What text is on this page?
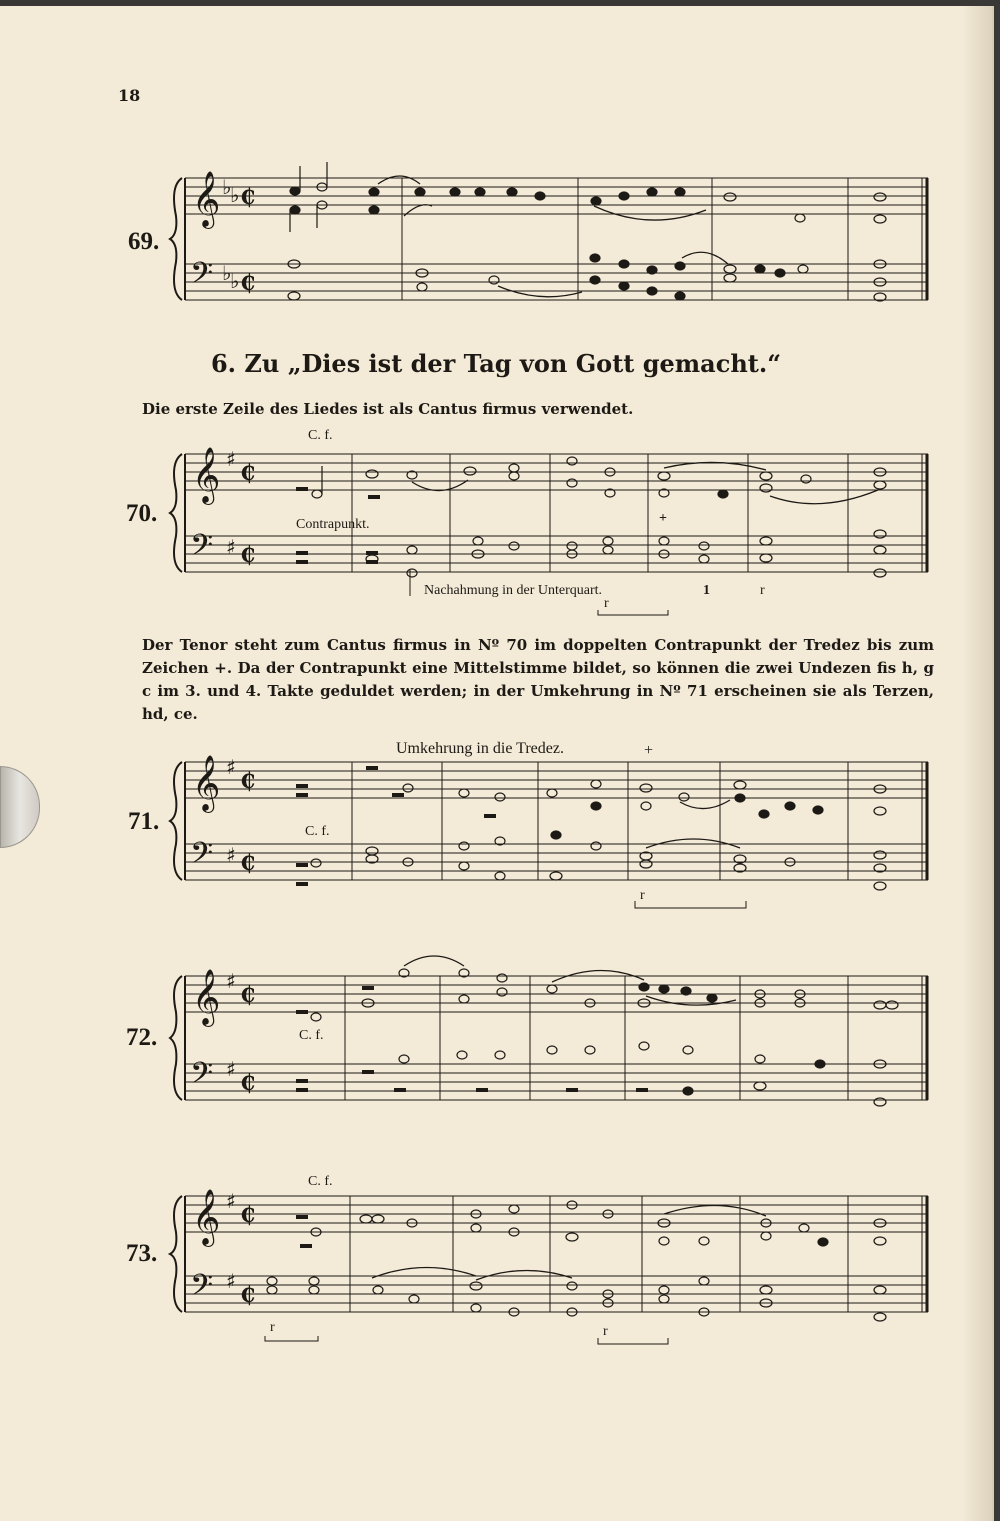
18
69.
𝄞
𝄢
𝄞
𝄢
𝄞
𝄢
𝄞
𝄢
𝄞
𝄢
₵
₵
₵
₵
₵
₵
₵
₵
₵
₵
♭
♭
♭
♭
♯
♯
♯
♯
♯
♯
♯
♯
C. f.
Contrapunkt.	+
Nachahmung in der Unterquart.	1	r
r
70.
6. Zu „Dies ist der Tag von Gott gemacht.“
Die erste Zeile des Liedes ist als Cantus firmus verwendet.
Der Tenor steht zum Cantus firmus in Nº 70 im doppelten Contrapunkt der Tredez bis zum Zeichen +. Da der Contrapunkt eine Mittelstimme bildet, so können die zwei Undezen fis h, g c im 3. und 4. Takte geduldet werden; in der Umkehrung in Nº 71 erscheinen sie als Terzen, hd, ce.
Umkehrung in die Tredez.	+
C. f.
r
71.
C. f.
72.
C. f.
r	r
73.
